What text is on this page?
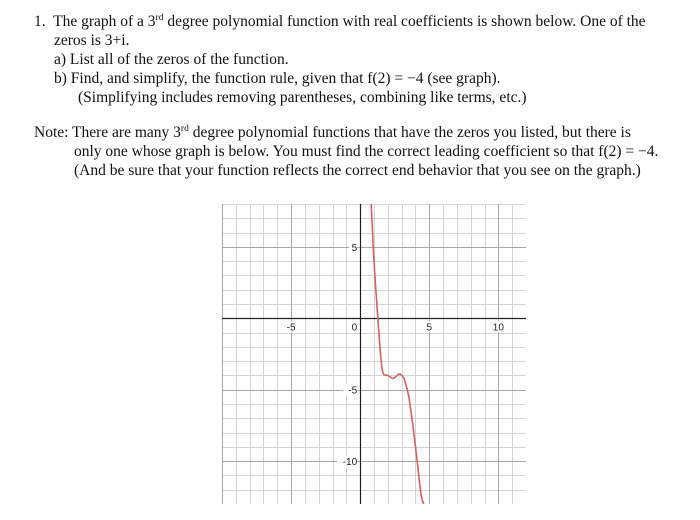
1. The graph of a 3rd degree polynomial function with real coefficients is shown below. One of the
zeros is 3+i.
a) List all of the zeros of the function.
b) Find, and simplify, the function rule, given that f(2) = −4 (see graph).
(Simplifying includes removing parentheses, combining like terms, etc.)
Note: There are many 3rd degree polynomial functions that have the zeros you listed, but there is
only one whose graph is below. You must find the correct leading coefficient so that f(2) = −4.
(And be sure that your function reflects the correct end behavior that you see on the graph.)
-5	0	5	10
5
-5
-10
